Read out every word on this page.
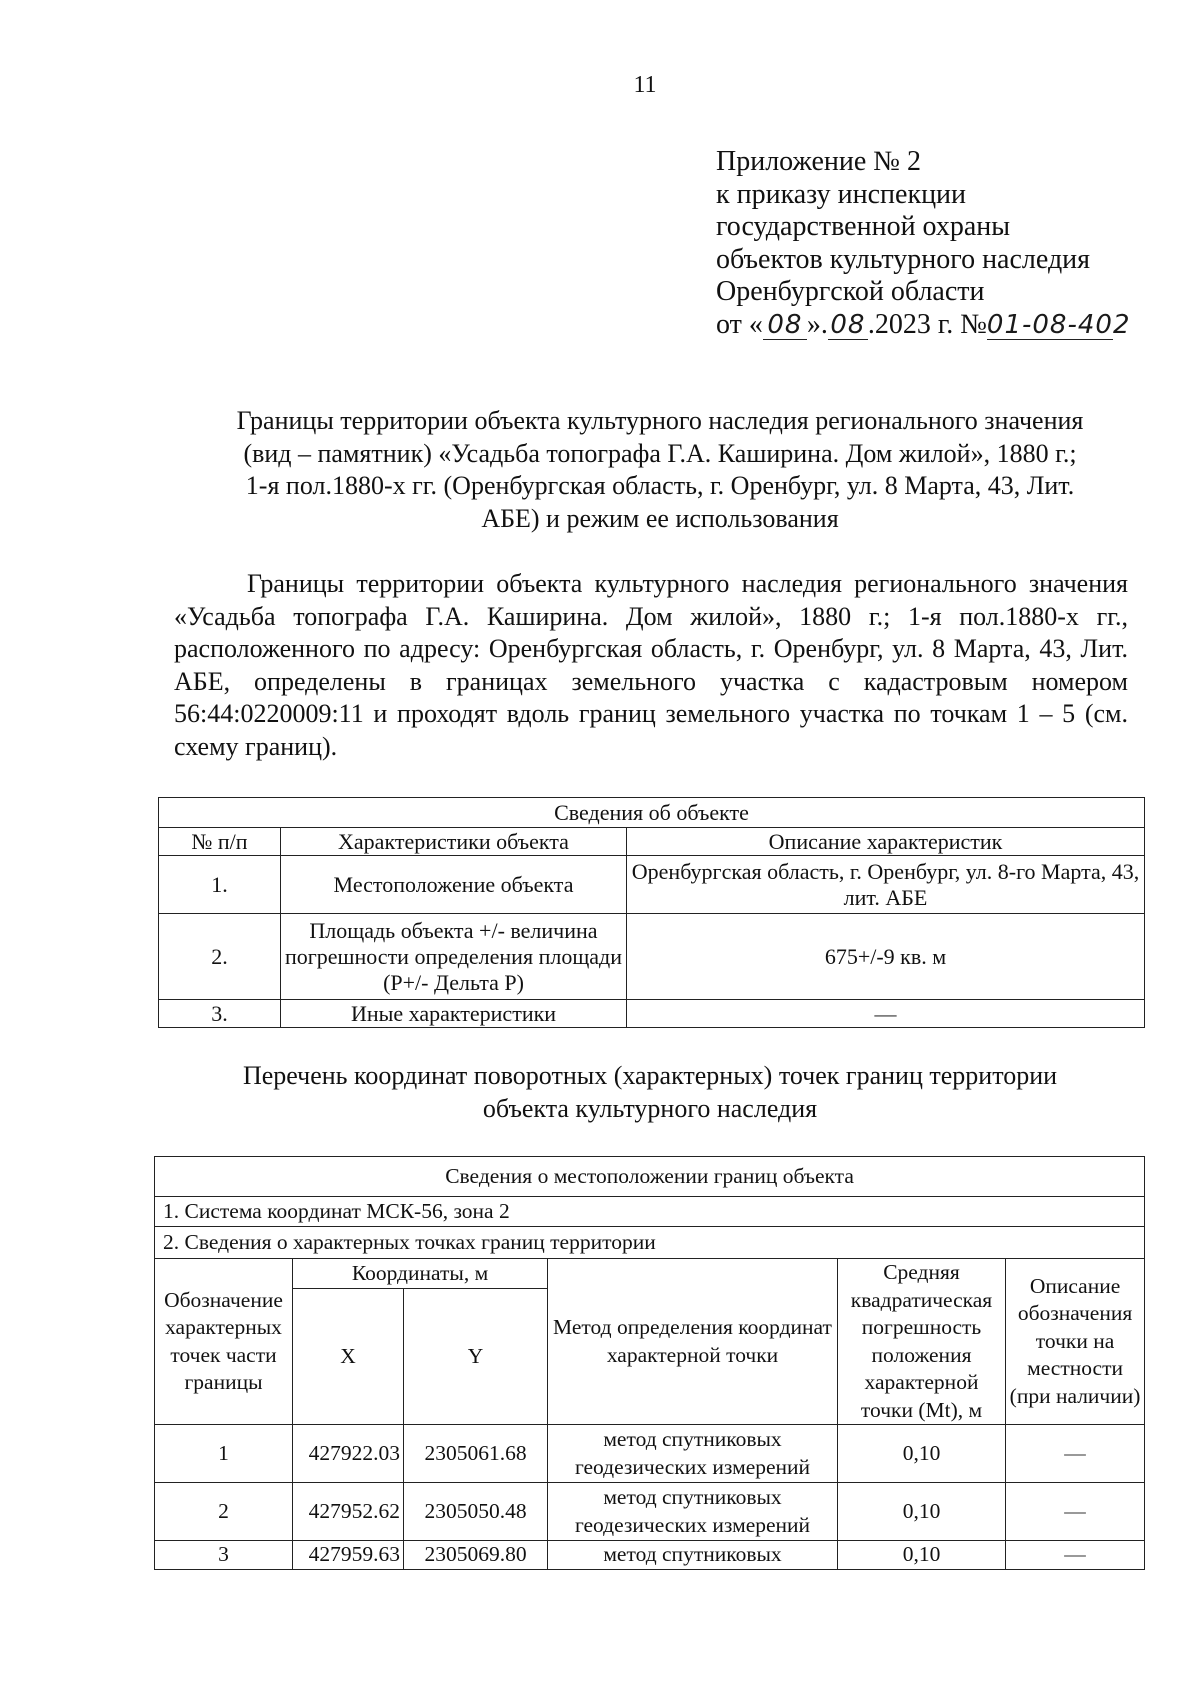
11
Приложение № 2
к приказу инспекции
государственной охраны
объектов культурного наследия
Оренбургской области
от « 08 ».08.2023 г. №01-08-402
Границы территории объекта культурного наследия регионального значения
(вид – памятник) «Усадьба топографа Г.А. Каширина. Дом жилой», 1880 г.;
1-я пол.1880-х гг. (Оренбургская область, г. Оренбург, ул. 8 Марта, 43, Лит.
АБЕ) и режим ее использования
Границы территории объекта культурного наследия регионального значения «Усадьба топографа Г.А. Каширина. Дом жилой», 1880 г.; 1-я пол.1880-х гг., расположенного по адресу: Оренбургская область, г. Оренбург, ул. 8 Марта, 43, Лит. АБЕ, определены в границах земельного участка с кадастровым номером 56:44:0220009:11 и проходят вдоль границ земельного участка по точкам 1 – 5 (см. схему границ).
Сведения об объекте		
№ п/п	Характеристики объекта	Описание характеристик
1.	Местоположение объекта	Оренбургская область, г. Оренбург, ул. 8-го Марта, 43, лит. АБЕ
2.	Площадь объекта +/- величина погрешности определения площади (P+/- Дельта P)	675+/-9 кв. м
3.	Иные характеристики	—
Перечень координат поворотных (характерных) точек границ территории
объекта культурного наследия
Сведения о местоположении границ объекта					
1. Система координат МСК-56, зона 2					
2. Сведения о характерных точках границ территории					
Обозначение характерных точек части границы	Координаты, м		Метод определения координат характерной точки	Средняя квадратическая погрешность положения характерной точки (Mt), м	Описание обозначения точки на местности (при наличии)
	X	Y			
1	427922.03	2305061.68	метод спутниковых геодезических измерений	0,10	—
2	427952.62	2305050.48	метод спутниковых геодезических измерений	0,10	—
3	427959.63	2305069.80	метод спутниковых	0,10	—
